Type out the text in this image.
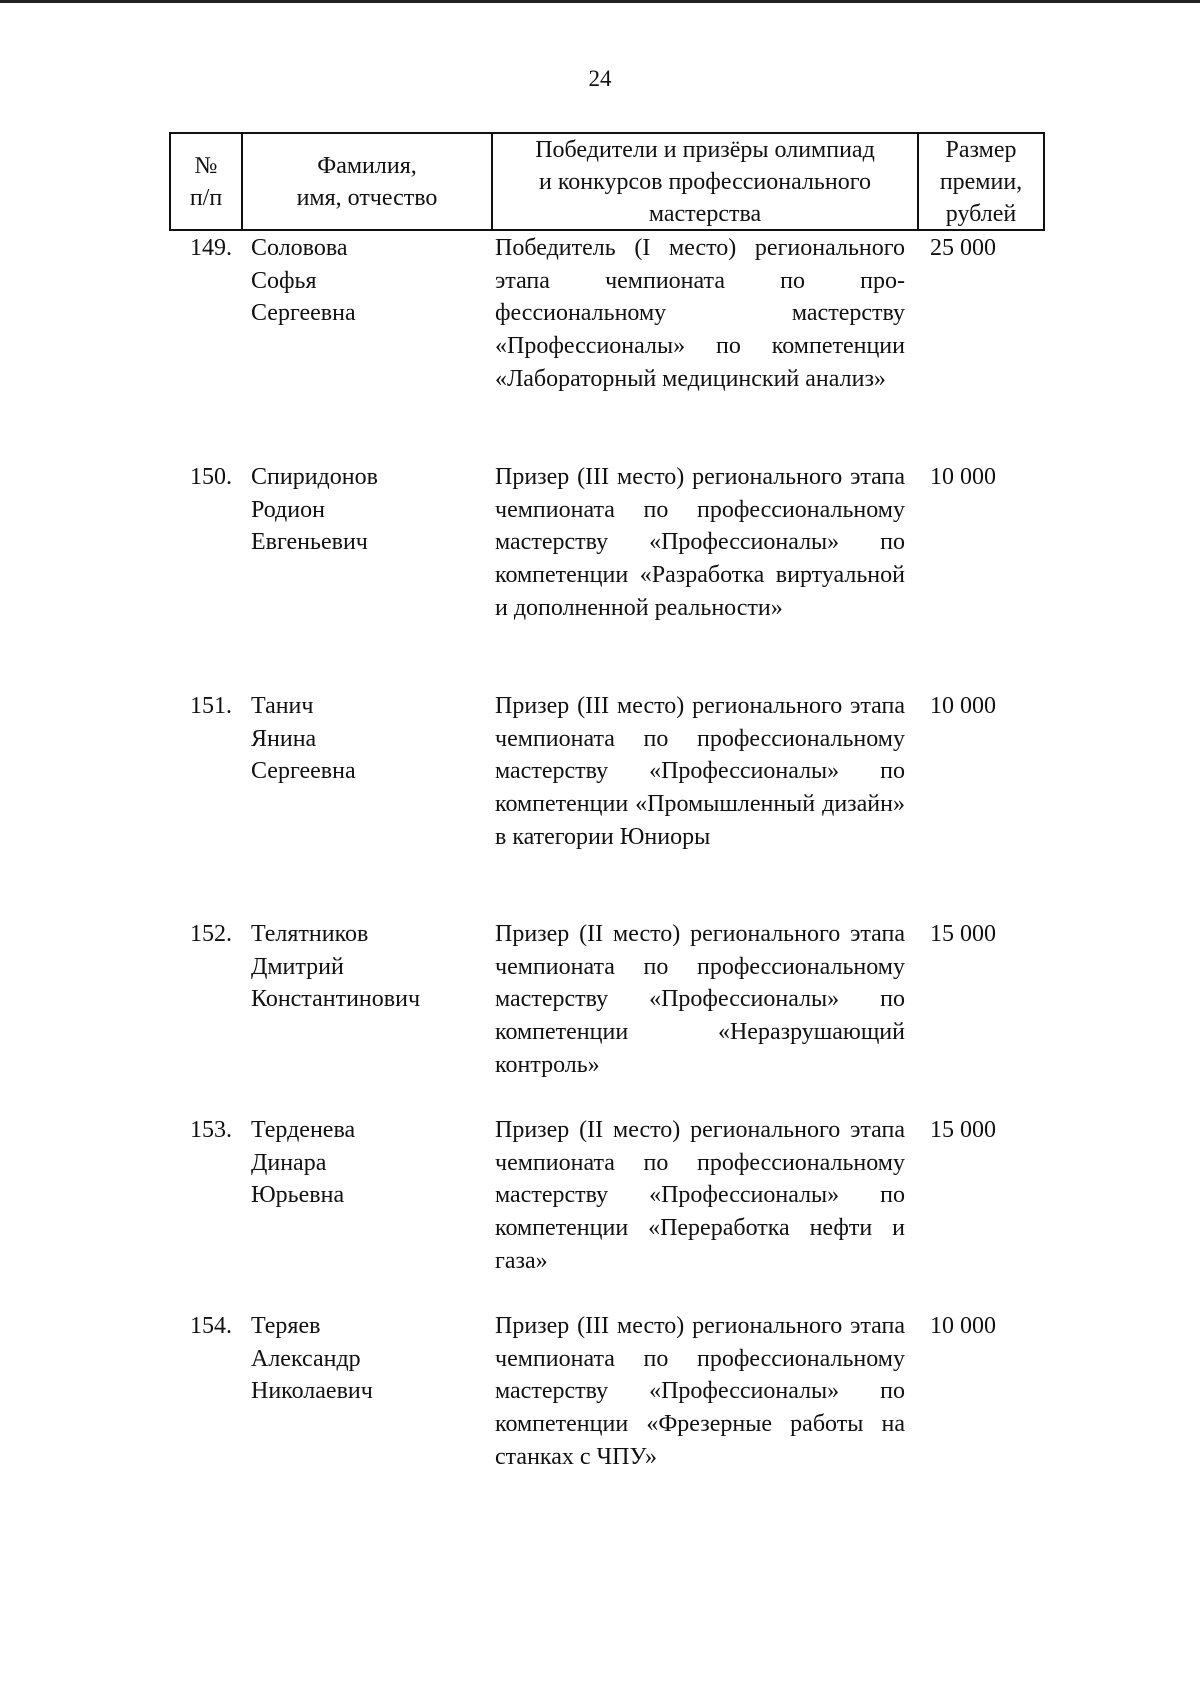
24
№
п/п
Фамилия,
имя, отчество
Победители и призёры олимпиад
и конкурсов профессионального
мастерства
Размер
премии,
рублей
149. Соловова
Софья
Сергеевна
Победитель (I место) регионального этапа чемпионата по профессиональному мастерству «Профессионалы» по компетенции «Лабораторный медицинский анализ»
25 000
150. Спиридонов
Родион
Евгеньевич
Призер (III место) регионального этапа чемпионата по профессиональному мастерству «Профессионалы» по компетенции «Разработка виртуальной и дополненной реальности»
10 000
151. Танич
Янина
Сергеевна
Призер (III место) регионального этапа чемпионата по профессиональному мастерству «Профессионалы» по компетенции «Промышленный дизайн» в категории Юниоры
10 000
152. Телятников
Дмитрий
Константинович
Призер (II место) регионального этапа чемпионата по профессиональному мастерству «Профессионалы» по компетенции «Неразрушающий контроль»
15 000
153. Терденева
Динара
Юрьевна
Призер (II место) регионального этапа чемпионата по профессиональному мастерству «Профессионалы» по компетенции «Переработка нефти и газа»
15 000
154. Теряев
Александр
Николаевич
Призер (III место) регионального этапа чемпионата по профессиональному мастерству «Профессионалы» по компетенции «Фрезерные работы на станках с ЧПУ»
10 000
